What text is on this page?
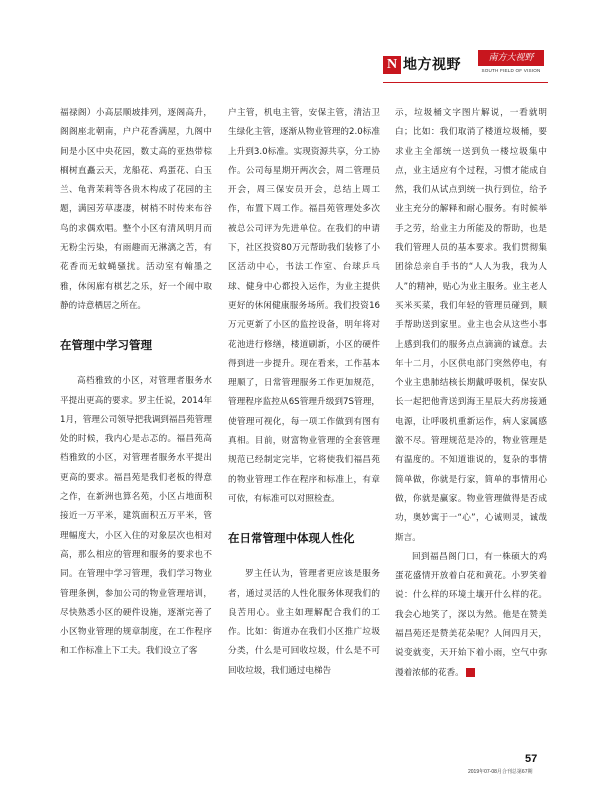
N 地方视野	南方大视野
SOUTH FIELD OF VISION

福禄阁）小高层顺坡排列，逐阁高升，阁阁座北朝南，户户花香满屋，九阁中间是小区中央花园，数丈高的亚热带棕榈树直矗云天，龙船花、鸡蛋花、白玉兰、龟背茉莉等各贵木构成了花园的主题，满园芳草凄凄，树梢不时传来布谷鸟的求偶欢唱。整个小区有清风明月而无粉尘污染，有雨趣而无淋漓之苦，有花香而无蚊蝇骚扰。活动室有翰墨之雅，休闲廊有棋艺之乐，好一个闹中取静的诗意栖居之所在。

在管理中学习管理

高档雅致的小区，对管理者服务水平提出更高的要求。罗主任说，2014年1月，管理公司领导把我调到福昌苑管理处的时候，我内心是忐忑的。福昌苑高档雅致的小区，对管理者服务水平提出更高的要求。福昌苑是我们老板的得意之作，在新洲也算名苑，小区占地面积接近一万平米，建筑面积五万平米，管理幅度大，小区入住的对象层次也相对高，那么相应的管理和服务的要求也不同。在管理中学习管理，我们学习物业管理条例，参加公司的物业管理培训，尽快熟悉小区的硬件设施，逐渐完善了小区物业管理的规章制度，在工作程序和工作标准上下工夫。我们设立了客

户主管，机电主管，安保主管，清洁卫生绿化主管，逐渐从物业管理的2.0标准上升到3.0标准。实现资源共享，分工协作。公司每星期开两次会，周二管理员开会，周三保安员开会，总结上周工作，布置下周工作。福昌苑管理处多次被总公司评为先进单位。在我们的申请下，社区投资80万元帮助我们装修了小区活动中心，书法工作室、台球乒乓球、健身中心都投入运作，为业主提供更好的休闲健康服务场所。我们投资16万元更新了小区的监控设备，明年将对花池进行修缮，楼道刷新，小区的硬件得到进一步提升。现在看来，工作基本理顺了，日常管理服务工作更加规范，管理程序监控从6S管理升级到7S管理，使管理可视化，每一项工作做到有图有真相。目前，财富物业管理的全套管理规范已经制定完毕，它将使我们福昌苑的物业管理工作在程序和标准上，有章可依，有标准可以对照检查。

在日常管理中体现人性化

罗主任认为，管理者更应该是服务者，通过灵活的人性化服务体现我们的良苦用心。业主如理解配合我们的工作。比如：街道办在我们小区推广垃圾分类，什么是可回收垃圾，什么是不可回收垃圾，我们通过电梯告

示，垃圾桶文字图片解说，一看就明白；比如：我们取消了楼道垃圾桶，要求业主全部统一送到负一楼垃圾集中点，业主适应有个过程，习惯才能成自然，我们从试点到统一执行到位，给予业主充分的解释和耐心服务。有时候举手之劳，给业主力所能及的帮助，也是我们管理人员的基本要求。我们贯彻集团徐总亲自手书的“人人为我，我为人人”的精神，贴心为业主服务。业主老人买米买菜，我们年轻的管理员碰到，顺手帮助送到家里。业主也会从这些小事上感到我们的服务点点滴滴的诚意。去年十二月，小区供电部门突然停电，有个业主患肺结核长期戴呼吸机，保安队长一起把他背送到海王星辰大药房接通电源，让呼吸机重新运作，病人家属感激不尽。管理规范是冷的，物业管理是有温度的。不知道谁说的，复杂的事情简单做，你就是行家，简单的事情用心做，你就是赢家。物业管理做得是否成功，奥妙寓于一“心”，心诚则灵，诚哉斯言。

回到福昌阁门口，有一株硕大的鸡蛋花盛情开放着白花和黄花。小罗笑着说：什么样的环境土壤开什么样的花。我会心地笑了，深以为然。他是在赞美福昌苑还是赞美花朵呢？人间四月天，说变就变，天开始下着小雨，空气中弥漫着浓郁的花香。	N

57
2019年07-08月合刊总第67期
